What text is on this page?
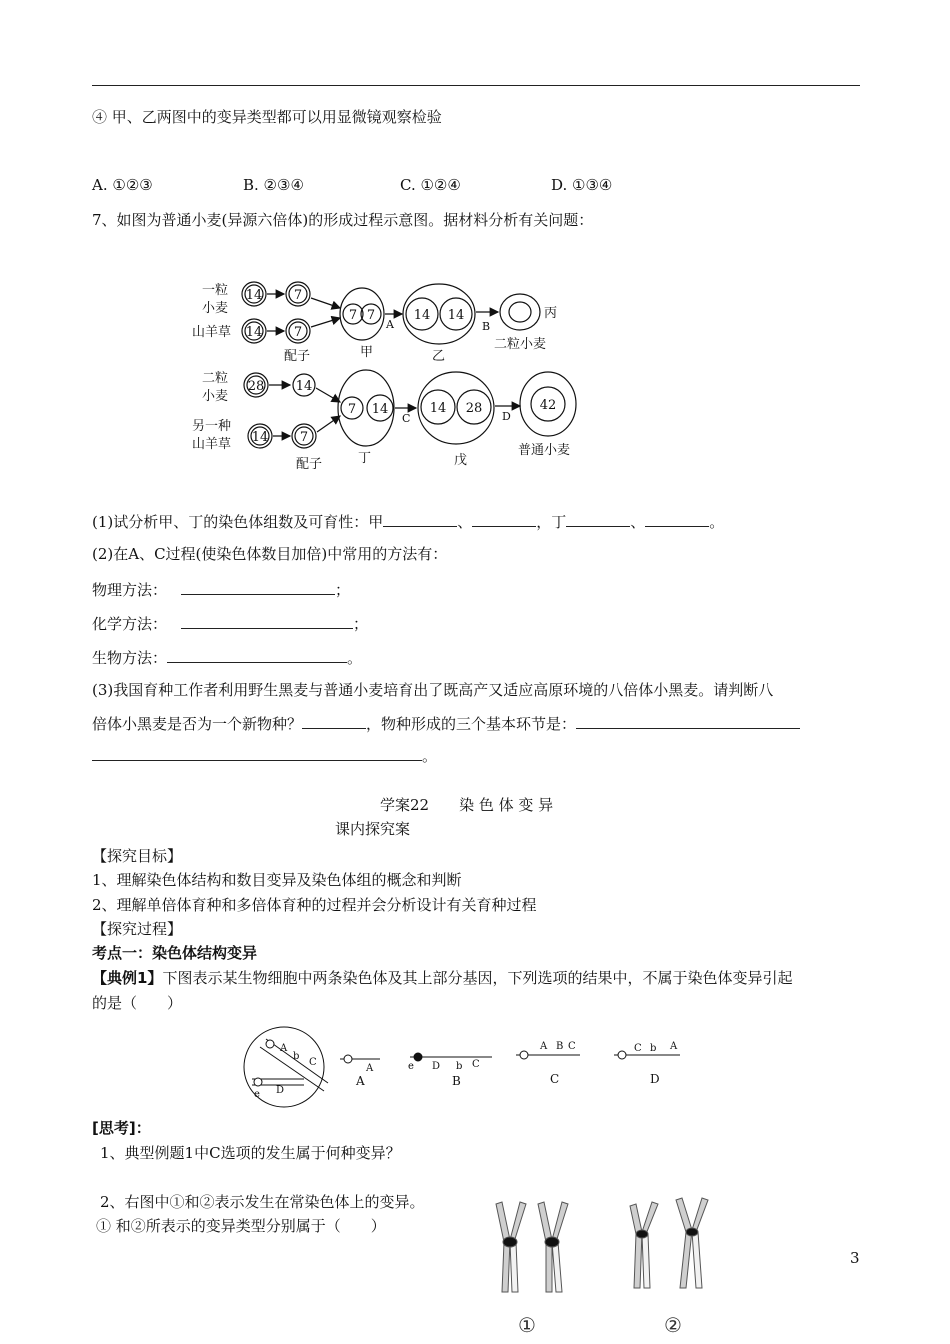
④ 甲、乙两图中的变异类型都可以用显微镜观察检验
A. ①②③	B. ②③④	C. ①②④	D. ①③④
7、如图为普通小麦(异源六倍体)的形成过程示意图。据材料分析有关问题：
一粒
小麦
14 7
山羊草 14 7
配子
7 7
甲
A
14 14
乙
B
丙
二粒小麦
二粒
小麦
28 14
另一种
山羊草 14 7
配子
7 14
丁
C
14 28
戊
D
42
普通小麦
(1)试分析甲、丁的染色体组数及可育性：甲	、	，丁	、	。
(2)在A、C过程(使染色体数目加倍)中常用的方法有：
物理方法：	；
化学方法：	；
生物方法：	。
(3)我国育种工作者利用野生黑麦与普通小麦培育出了既高产又适应高原环境的八倍体小黑麦。请判断八
倍体小黑麦是否为一个新物种？	，物种形成的三个基本环节是：
。
学案22　　染 色 体 变 异
课内探究案
【探究目标】
1、理解染色体结构和数目变异及染色体组的概念和判断
2、理解单倍体育种和多倍体育种的过程并会分析设计有关育种过程
【探究过程】
考点一：染色体结构变异
【典例1】下图表示某生物细胞中两条染色体及其上部分基因，下列选项的结果中，不属于染色体变异引起
的是（　　）
A
b
C
e D
A
A
e D b C
B
A B C
C
C b A
D
[思考]：
1、典型例题1中C选项的发生属于何种变异？
2、右图中①和②表示发生在常染色体上的变异。
① 和②所表示的变异类型分别属于（　　）
①	②
3
